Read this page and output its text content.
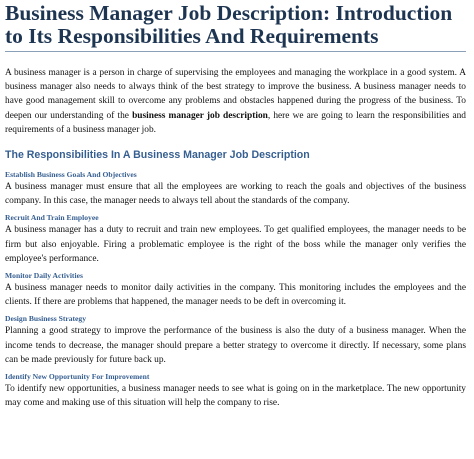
Business Manager Job Description: Introduction to Its Responsibilities And Requirements

A business manager is a person in charge of supervising the employees and managing the workplace in a good system. A business manager also needs to always think of the best strategy to improve the business. A business manager needs to have good management skill to overcome any problems and obstacles happened during the progress of the business. To deepen our understanding of the business manager job description, here we are going to learn the responsibilities and requirements of a business manager job.

The Responsibilities In A Business Manager Job Description
Establish Business Goals And Objectives

A business manager must ensure that all the employees are working to reach the goals and objectives of the business company. In this case, the manager needs to always tell about the standards of the company.

Recruit And Train Employee

A business manager has a duty to recruit and train new employees. To get qualified employees, the manager needs to be firm but also enjoyable. Firing a problematic employee is the right of the boss while the manager only verifies the employee's performance.

Monitor Daily Activities

A business manager needs to monitor daily activities in the company. This monitoring includes the employees and the clients. If there are problems that happened, the manager needs to be deft in overcoming it.

Design Business Strategy

Planning a good strategy to improve the performance of the business is also the duty of a business manager. When the income tends to decrease, the manager should prepare a better strategy to overcome it directly. If necessary, some plans can be made previously for future back up.

Identify New Opportunity For Improvement

To identify new opportunities, a business manager needs to see what is going on in the marketplace. The new opportunity may come and making use of this situation will help the company to rise.
